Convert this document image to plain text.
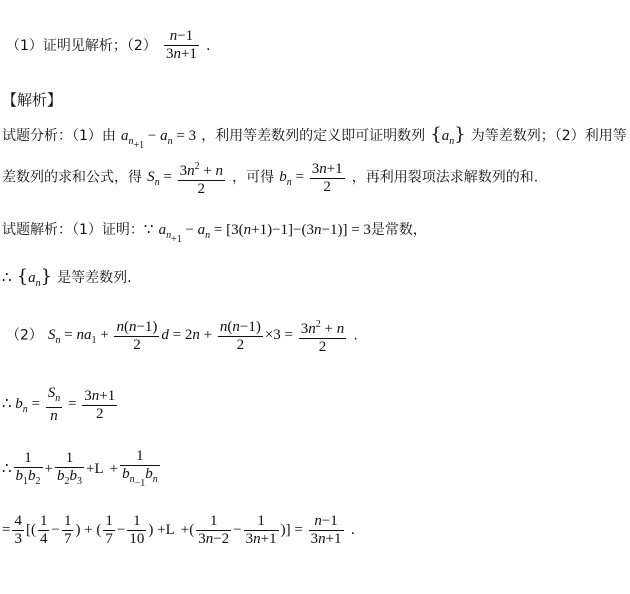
（1）证明见解析；$(2) \frac{n-1}{3n+1}$ .
【解析】
试题分析：（1）由 $a_{n+1} - a_n = 3$ ，利用等差数列的定义即可证明数列 $\{a_n\}$ 为等差数列；（2）利用等
差数列的求和公式，得 $S_n = \frac{3n^2 + n}{2}$ ，可得 $b_n = \frac{3n+1}{2}$ ，再利用裂项法求解数列的和.
试题解析：（1）证明：∵ $a_{n+1} - a_n = [3(n+1)-1]-(3n-1)] = 3$是常数，
∴ $\{a_n\}$ 是等差数列.
（2） $S_n = na_1 + \frac{n(n-1)}{2}$ $d = 2n + \frac{n(n-1)}{2} \times 3 = \frac{3n^2 + n}{2}$ .
∴ $b_n = \frac{S_n}{n} = \frac{3n+1}{2}$
∴ $\frac{1}{b_1b_2} + \frac{1}{b_2b_3} +L + \frac{1}{b_{n-1}b_n}$
= $\frac{4}{3}$ [( $\frac{1}{4} - \frac{1}{7}$ ) + ( $\frac{1}{7} - \frac{1}{10}$ ) +L +( $\frac{1}{3n-2} - \frac{1}{3n+1}$ )] = $\frac{n-1}{3n+1}$ .
